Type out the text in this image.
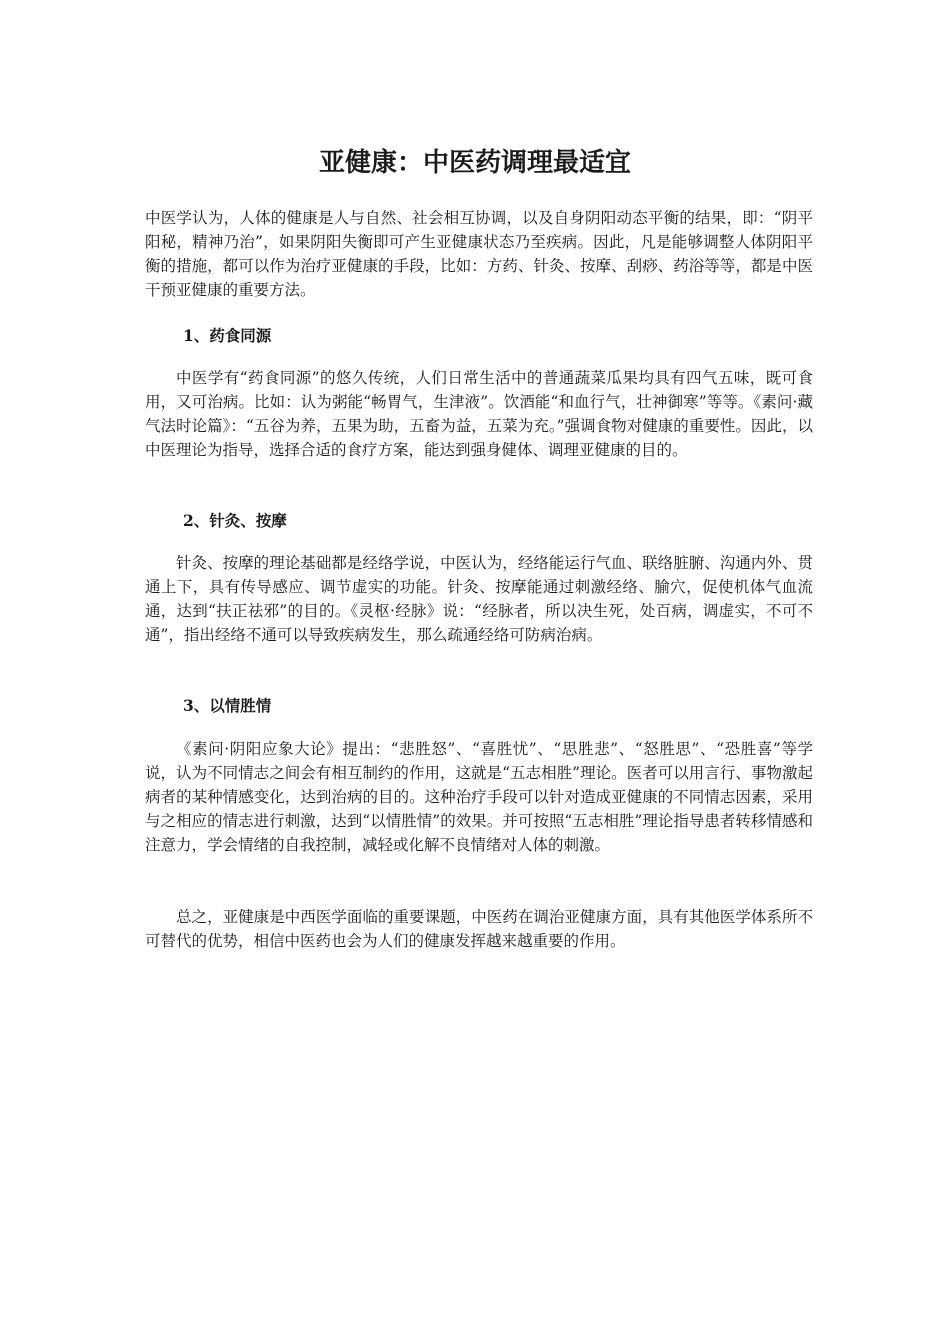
亚健康：中医药调理最适宜

中医学认为，人体的健康是人与自然、社会相互协调，以及自身阴阳动态平衡的结果，即：“阴平阳秘，精神乃治”，如果阴阳失衡即可产生亚健康状态乃至疾病。因此，凡是能够调整人体阴阳平衡的措施，都可以作为治疗亚健康的手段，比如：方药、针灸、按摩、刮痧、药浴等等，都是中医干预亚健康的重要方法。

1、药食同源

中医学有“药食同源”的悠久传统，人们日常生活中的普通蔬菜瓜果均具有四气五味，既可食用，又可治病。比如：认为粥能“畅胃气，生津液”。饮酒能“和血行气，壮神御寒”等等。《素问·藏气法时论篇》：“五谷为养，五果为助，五畜为益，五菜为充。”强调食物对健康的重要性。因此，以中医理论为指导，选择合适的食疗方案，能达到强身健体、调理亚健康的目的。

2、针灸、按摩

针灸、按摩的理论基础都是经络学说，中医认为，经络能运行气血、联络脏腑、沟通内外、贯通上下，具有传导感应、调节虚实的功能。针灸、按摩能通过刺激经络、腧穴，促使机体气血流通，达到“扶正祛邪”的目的。《灵枢·经脉》说：“经脉者，所以决生死，处百病，调虚实，不可不通”，指出经络不通可以导致疾病发生，那么疏通经络可防病治病。

3、以情胜情

《素问·阴阳应象大论》提出：“悲胜怒”、“喜胜忧”、“思胜悲”、“怒胜思”、“恐胜喜”等学说，认为不同情志之间会有相互制约的作用，这就是“五志相胜”理论。医者可以用言行、事物激起病者的某种情感变化，达到治病的目的。这种治疗手段可以针对造成亚健康的不同情志因素，采用与之相应的情志进行刺激，达到“以情胜情”的效果。并可按照“五志相胜”理论指导患者转移情感和注意力，学会情绪的自我控制，减轻或化解不良情绪对人体的刺激。

总之，亚健康是中西医学面临的重要课题，中医药在调治亚健康方面，具有其他医学体系所不可替代的优势，相信中医药也会为人们的健康发挥越来越重要的作用。
